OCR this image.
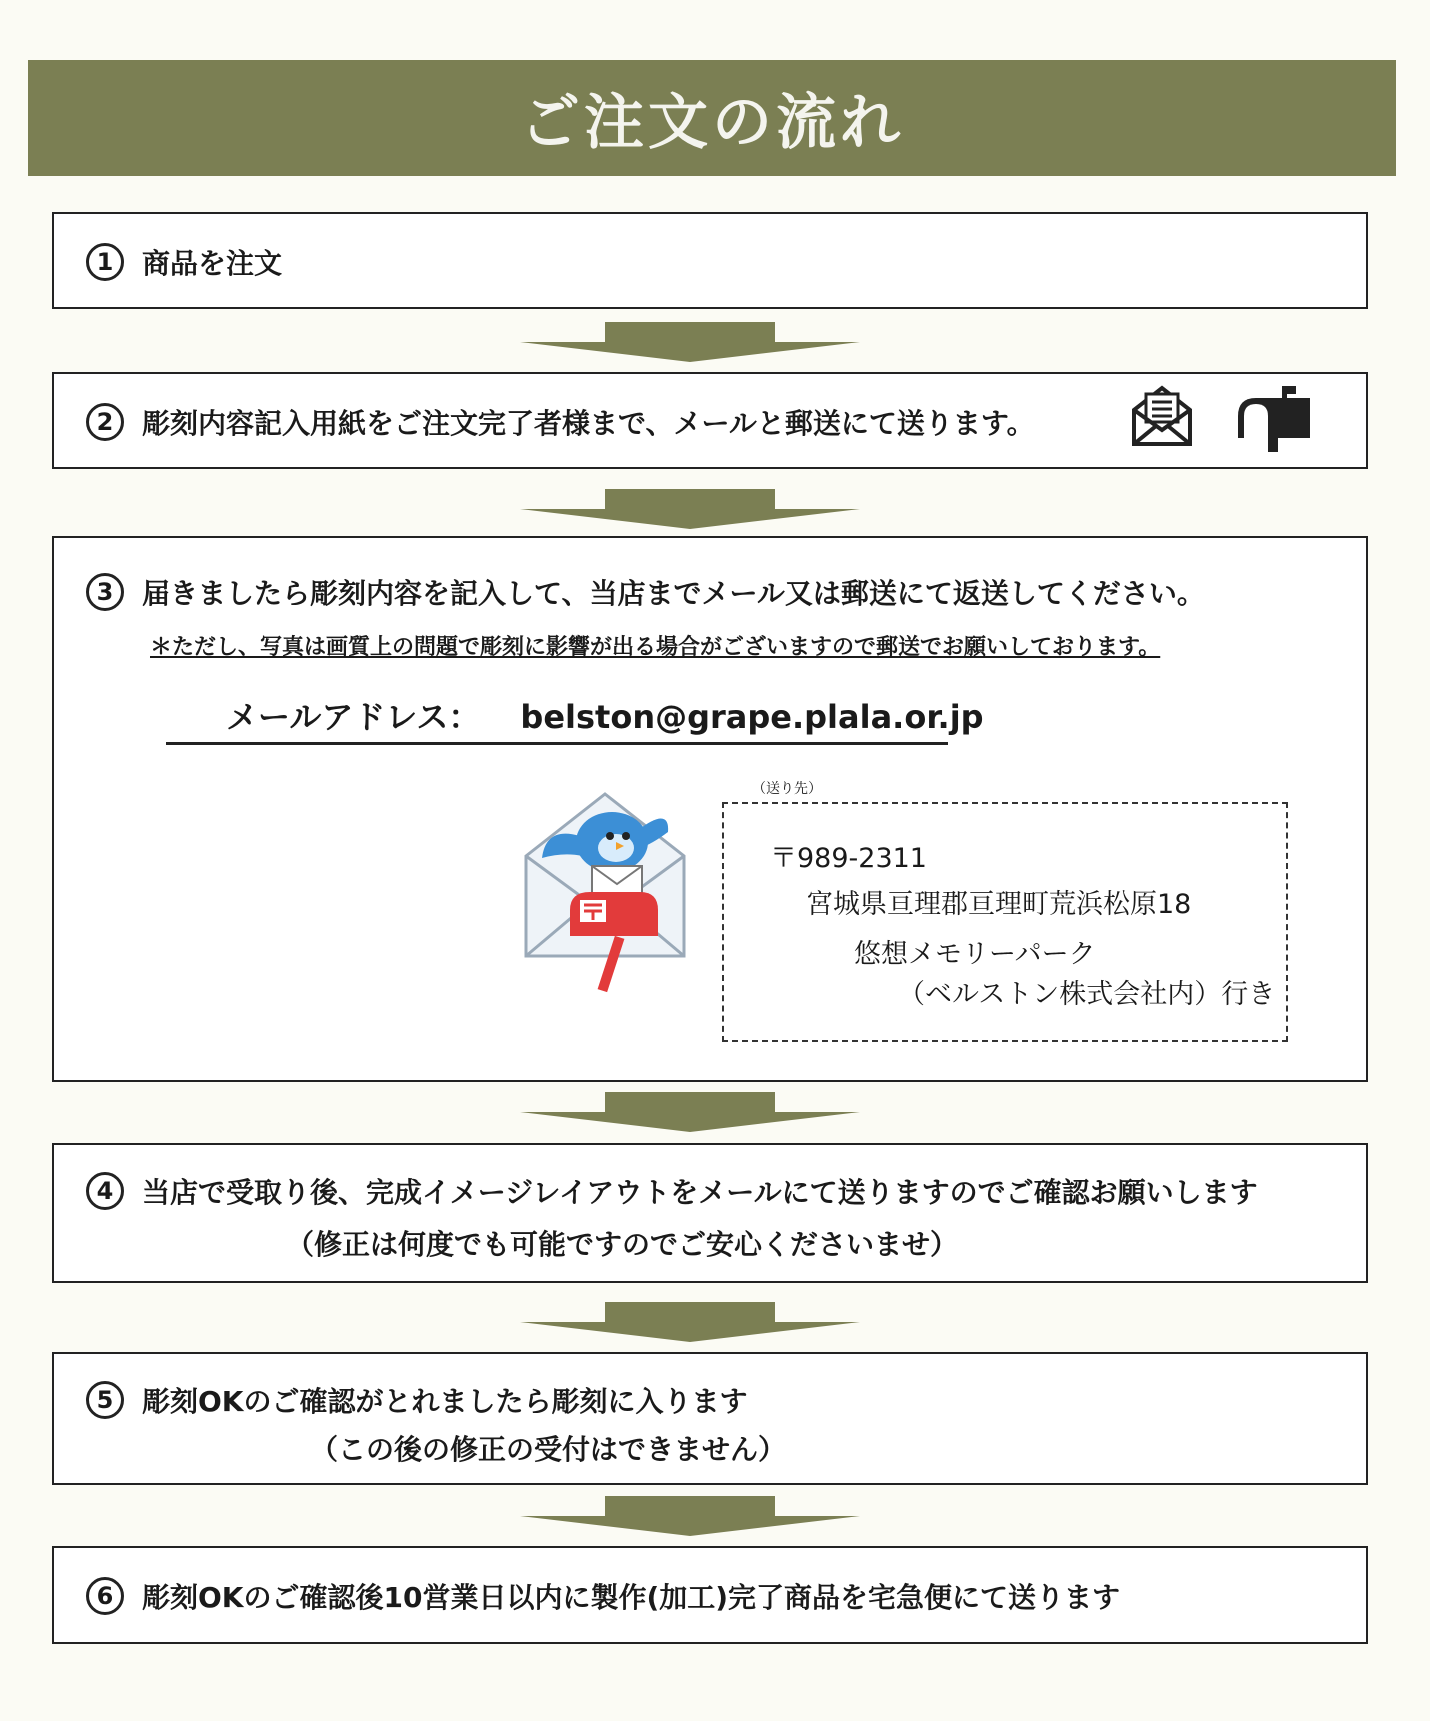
ご注文の流れ
1	商品を注文
2	彫刻内容記入用紙をご注文完了者様まで、メールと郵送にて送ります。
3	届きましたら彫刻内容を記入して、当店までメール又は郵送にて返送してください。
＊ただし、写真は画質上の問題で彫刻に影響が出る場合がございますので郵送でお願いしております。
メールアドレス： belston@grape.plala.or.jp
（送り先）
〒989-2311
宮城県亘理郡亘理町荒浜松原18
悠想メモリーパーク
（ベルストン株式会社内）行き
4	当店で受取り後、完成イメージレイアウトをメールにて送りますのでご確認お願いします
（修正は何度でも可能ですのでご安心くださいませ）
5	彫刻OKのご確認がとれましたら彫刻に入ります
（この後の修正の受付はできません）
6	彫刻OKのご確認後10営業日以内に製作(加工)完了商品を宅急便にて送ります
